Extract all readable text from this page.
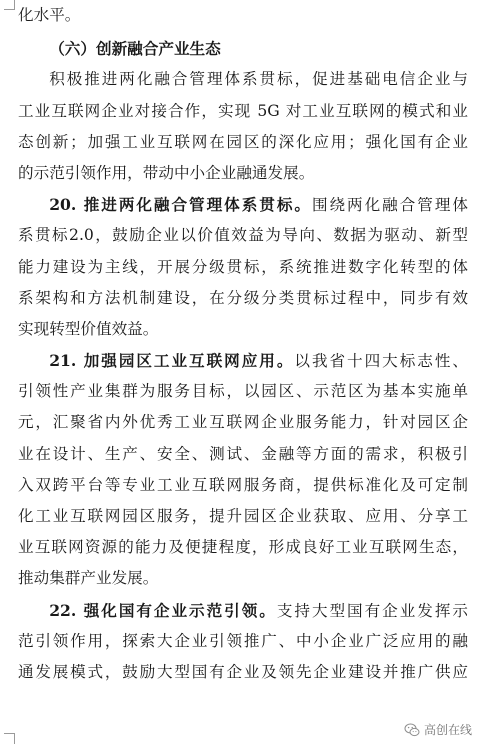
化水平。
（六）创新融合产业生态
积极推进两化融合管理体系贯标，促进基础电信企业与
工业互联网企业对接合作，实现 5G 对工业互联网的模式和业
态创新；加强工业互联网在园区的深化应用；强化国有企业
的示范引领作用，带动中小企业融通发展。
20. 推进两化融合管理体系贯标。围绕两化融合管理体
系贯标2.0，鼓励企业以价值效益为导向、数据为驱动、新型
能力建设为主线，开展分级贯标，系统推进数字化转型的体
系架构和方法机制建设，在分级分类贯标过程中，同步有效
实现转型价值效益。
21. 加强园区工业互联网应用。以我省十四大标志性、
引领性产业集群为服务目标，以园区、示范区为基本实施单
元，汇聚省内外优秀工业互联网企业服务能力，针对园区企
业在设计、生产、安全、测试、金融等方面的需求，积极引
入双跨平台等专业工业互联网服务商，提供标准化及可定制
化工业互联网园区服务，提升园区企业获取、应用、分享工
业互联网资源的能力及便捷程度，形成良好工业互联网生态，
推动集群产业发展。
22. 强化国有企业示范引领。支持大型国有企业发挥示
范引领作用，探索大企业引领推广、中小企业广泛应用的融
通发展模式，鼓励大型国有企业及领先企业建设并推广供应
高创在线
